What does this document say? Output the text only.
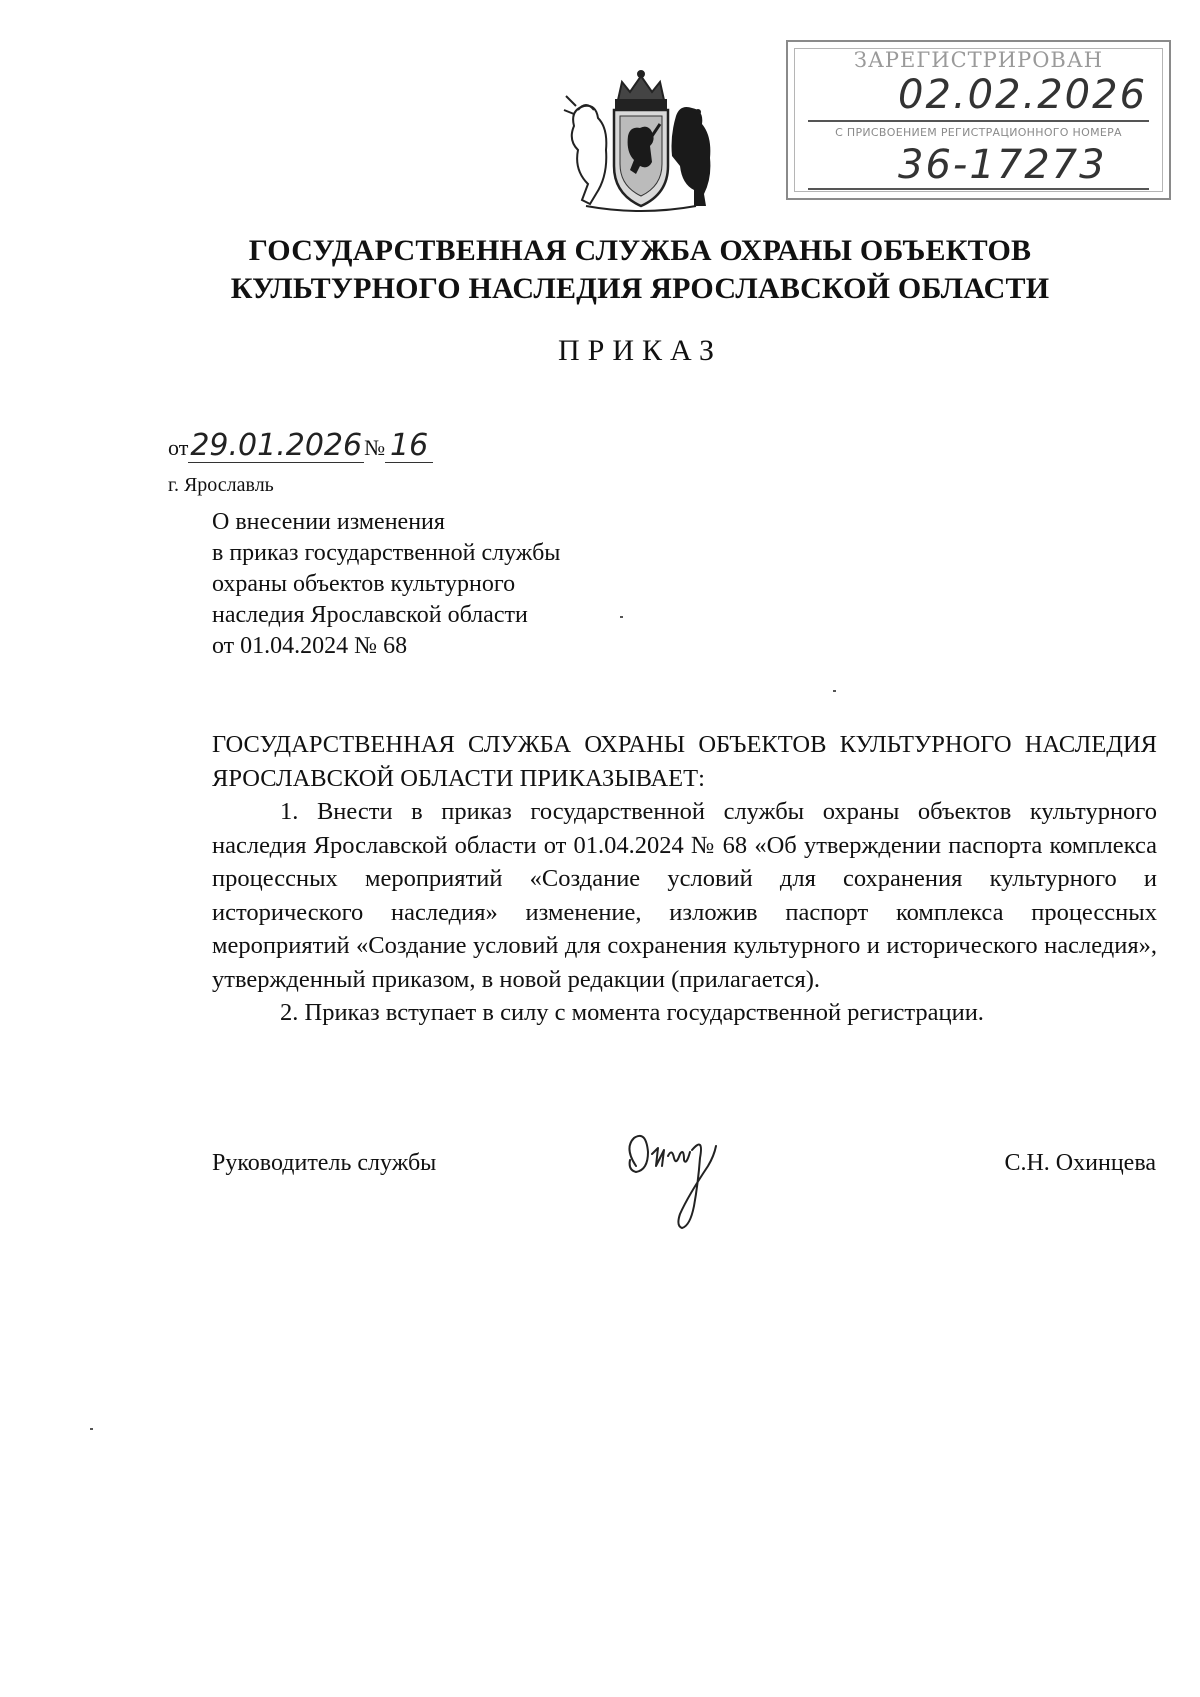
ЗАРЕГИСТРИРОВАН
02.02.2026
С ПРИСВОЕНИЕМ РЕГИСТРАЦИОННОГО НОМЕРА
36-17273
ГОСУДАРСТВЕННАЯ СЛУЖБА ОХРАНЫ ОБЪЕКТОВ
КУЛЬТУРНОГО НАСЛЕДИЯ ЯРОСЛАВСКОЙ ОБЛАСТИ
ПРИКАЗ
от29.01.2026№ 16
г. Ярославль
О внесении изменения
в приказ государственной службы
охраны объектов культурного
наследия Ярославской области
от 01.04.2024 № 68

ГОСУДАРСТВЕННАЯ СЛУЖБА ОХРАНЫ ОБЪЕКТОВ КУЛЬТУРНОГО НАСЛЕДИЯ ЯРОСЛАВСКОЙ ОБЛАСТИ ПРИКАЗЫВАЕТ:

1. Внести в приказ государственной службы охраны объектов культурного наследия Ярославской области от 01.04.2024 № 68 «Об утверждении паспорта комплекса процессных мероприятий «Создание условий для сохранения культурного и исторического наследия» изменение, изложив паспорт комплекса процессных мероприятий «Создание условий для сохранения культурного и исторического наследия», утвержденный приказом, в новой редакции (прилагается).

2. Приказ вступает в силу с момента государственной регистрации.

Руководитель службы	С.Н. Охинцева
